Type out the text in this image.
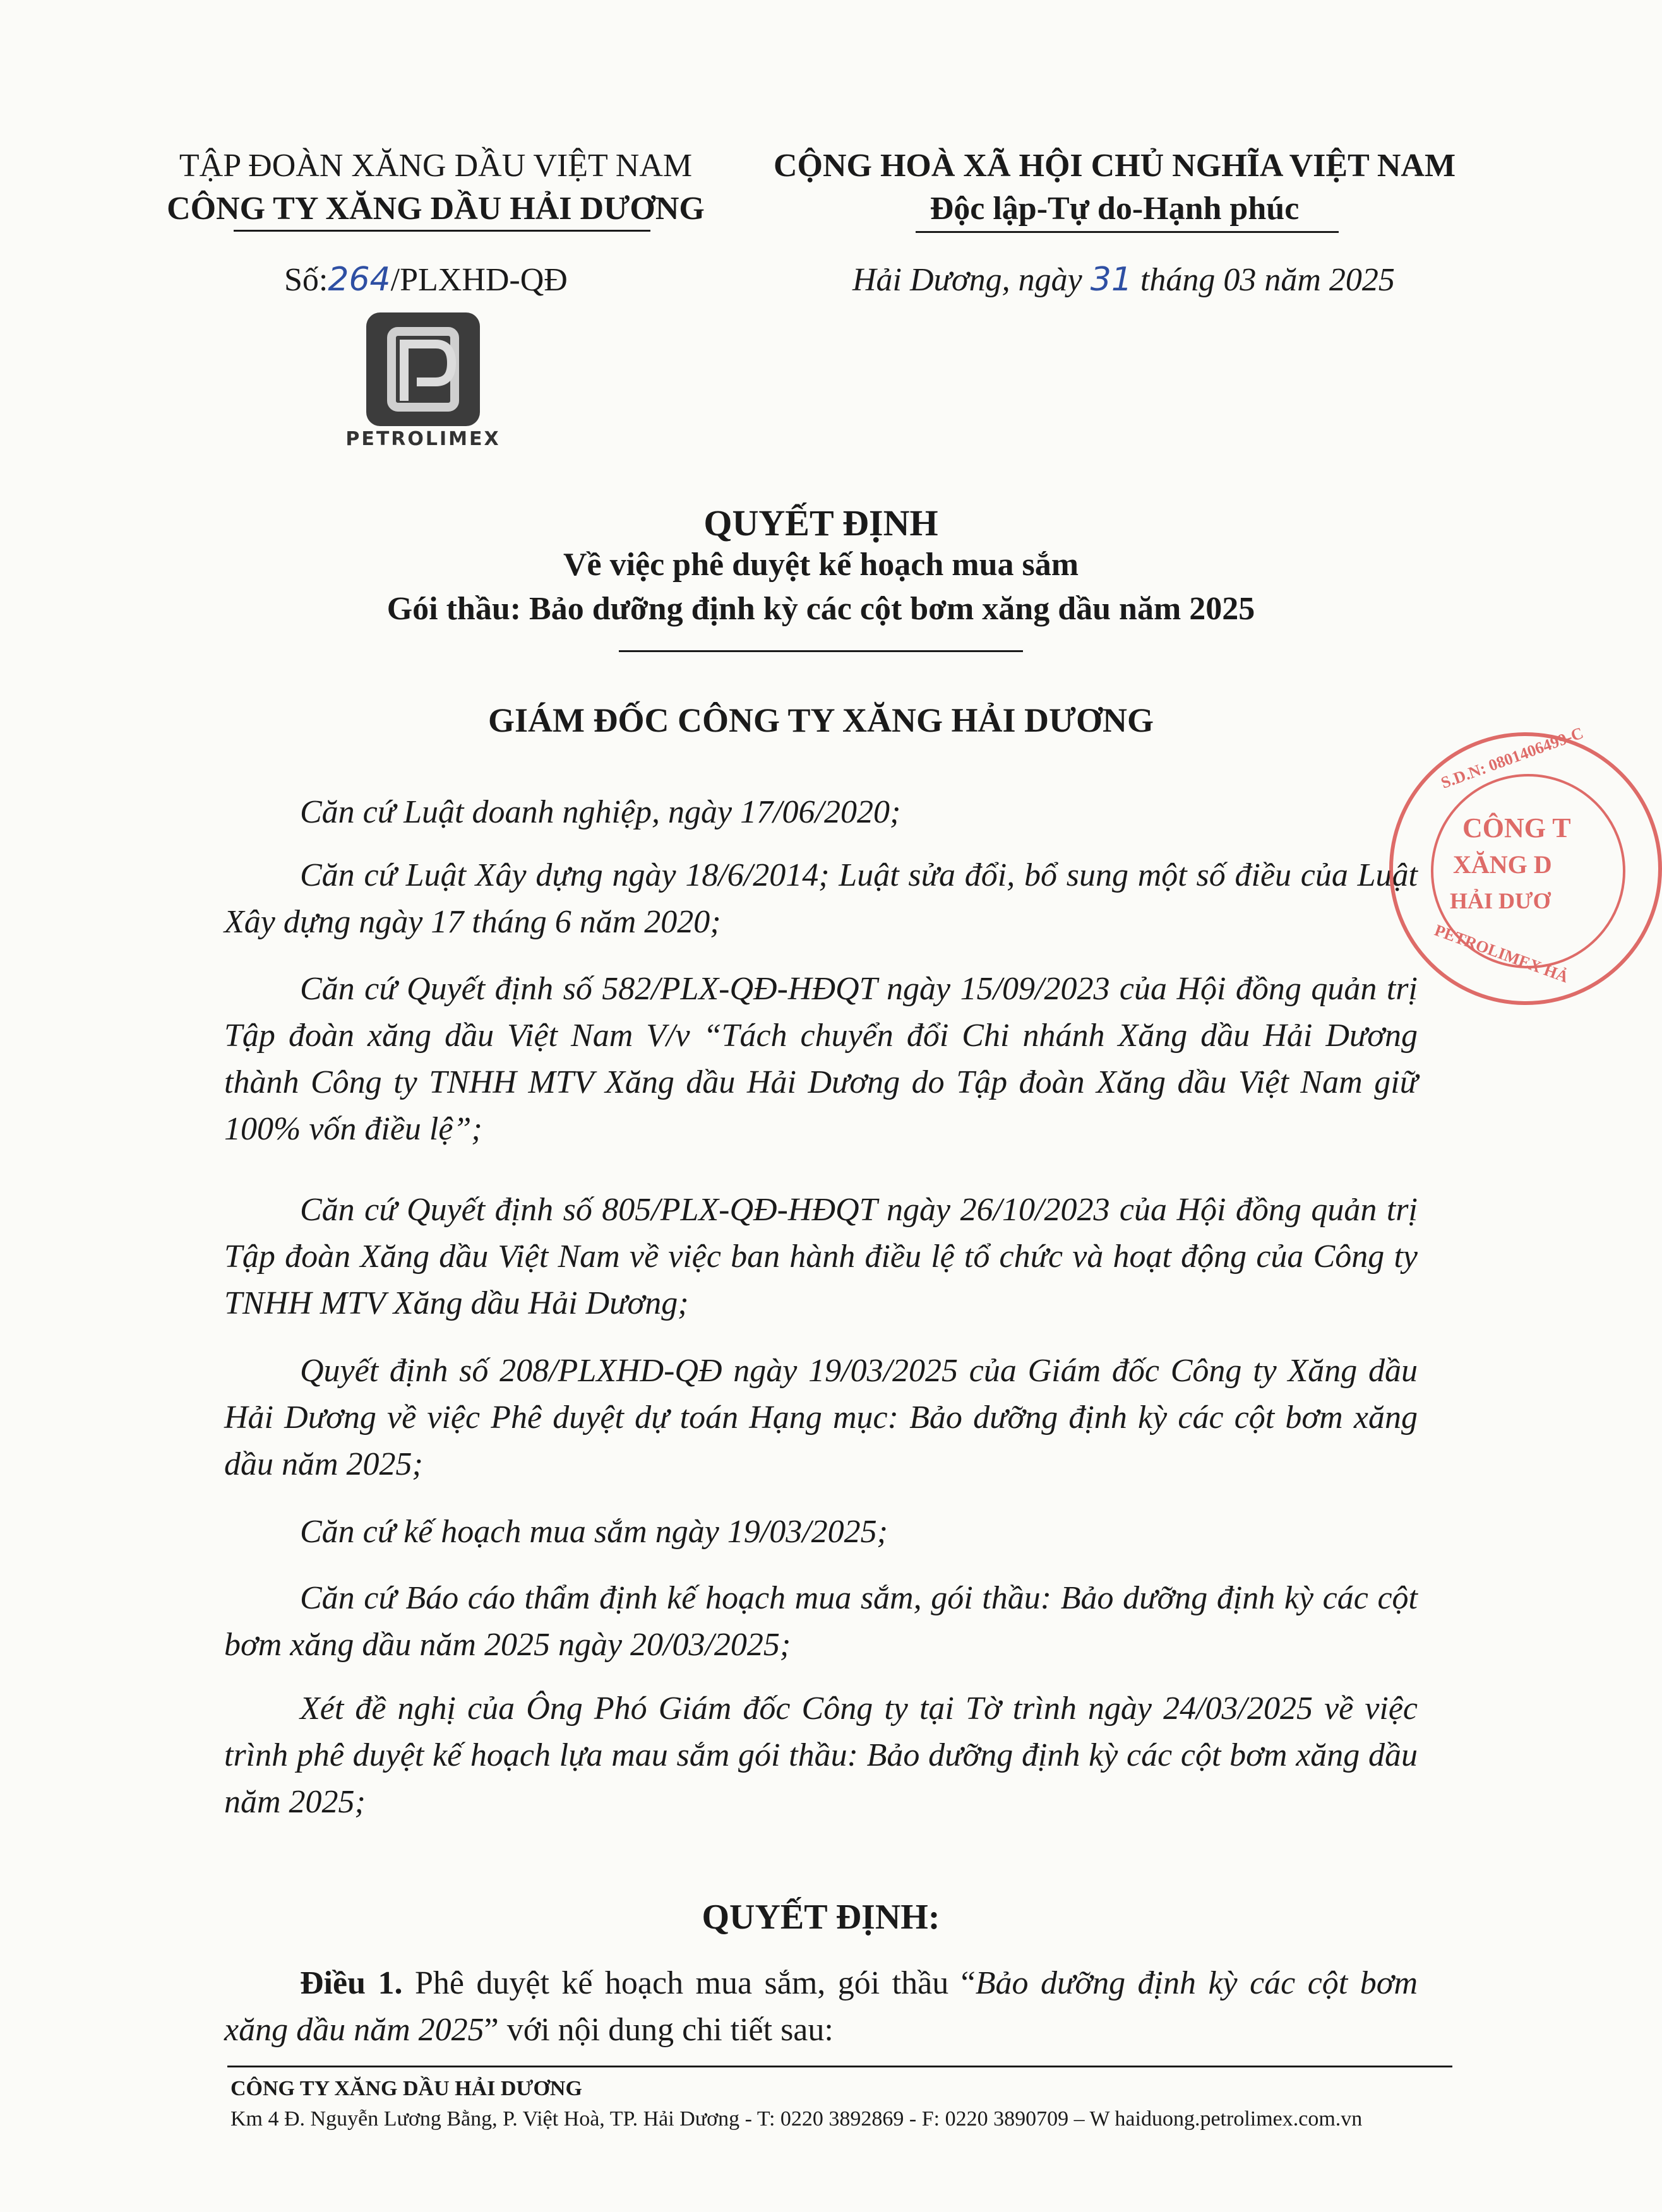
TẬP ĐOÀN XĂNG DẦU VIỆT NAM
CÔNG TY XĂNG DẦU HẢI DƯƠNG
CỘNG HOÀ XÃ HỘI CHỦ NGHĨA VIỆT NAM
Độc lập-Tự do-Hạnh phúc
Số:264/PLXHD-QĐ	Hải Dương, ngày 31 tháng 03 năm 2025
PETROLIMEX
QUYẾT ĐỊNH
Về việc phê duyệt kế hoạch mua sắm
Gói thầu: Bảo dưỡng định kỳ các cột bơm xăng dầu năm 2025
GIÁM ĐỐC CÔNG TY XĂNG HẢI DƯƠNG
Căn cứ Luật doanh nghiệp, ngày 17/06/2020;
Căn cứ Luật Xây dựng ngày 18/6/2014; Luật sửa đổi, bổ sung một số điều của Luật Xây dựng ngày 17 tháng 6 năm 2020;
Căn cứ Quyết định số 582/PLX-QĐ-HĐQT ngày 15/09/2023 của Hội đồng quản trị Tập đoàn xăng dầu Việt Nam V/v “Tách chuyển đổi Chi nhánh Xăng dầu Hải Dương thành Công ty TNHH MTV Xăng dầu Hải Dương do Tập đoàn Xăng dầu Việt Nam giữ 100% vốn điều lệ”;
Căn cứ Quyết định số 805/PLX-QĐ-HĐQT ngày 26/10/2023 của Hội đồng quản trị Tập đoàn Xăng dầu Việt Nam về việc ban hành điều lệ tổ chức và hoạt động của Công ty TNHH MTV Xăng dầu Hải Dương;
Quyết định số 208/PLXHD-QĐ ngày 19/03/2025 của Giám đốc Công ty Xăng dầu Hải Dương về việc Phê duyệt dự toán Hạng mục: Bảo dưỡng định kỳ các cột bơm xăng dầu năm 2025;
Căn cứ kế hoạch mua sắm ngày 19/03/2025;
Căn cứ Báo cáo thẩm định kế hoạch mua sắm, gói thầu: Bảo dưỡng định kỳ các cột bơm xăng dầu năm 2025 ngày 20/03/2025;
Xét đề nghị của Ông Phó Giám đốc Công ty tại Tờ trình ngày 24/03/2025 về việc trình phê duyệt kế hoạch lựa mau sắm gói thầu: Bảo dưỡng định kỳ các cột bơm xăng dầu năm 2025;
QUYẾT ĐỊNH:
Điều 1. Phê duyệt kế hoạch mua sắm, gói thầu “Bảo dưỡng định kỳ các cột bơm xăng dầu năm 2025” với nội dung chi tiết sau:
CÔNG TY XĂNG DẦU HẢI DƯƠNG
Km 4 Đ. Nguyễn Lương Bằng, P. Việt Hoà, TP. Hải Dương - T: 0220 3892869 - F: 0220 3890709 – W haiduong.petrolimex.com.vn
S.D.N: 0801406499-C
CÔNG T
XĂNG D
HẢI DƯƠ
PETROLIMEX HẢ
